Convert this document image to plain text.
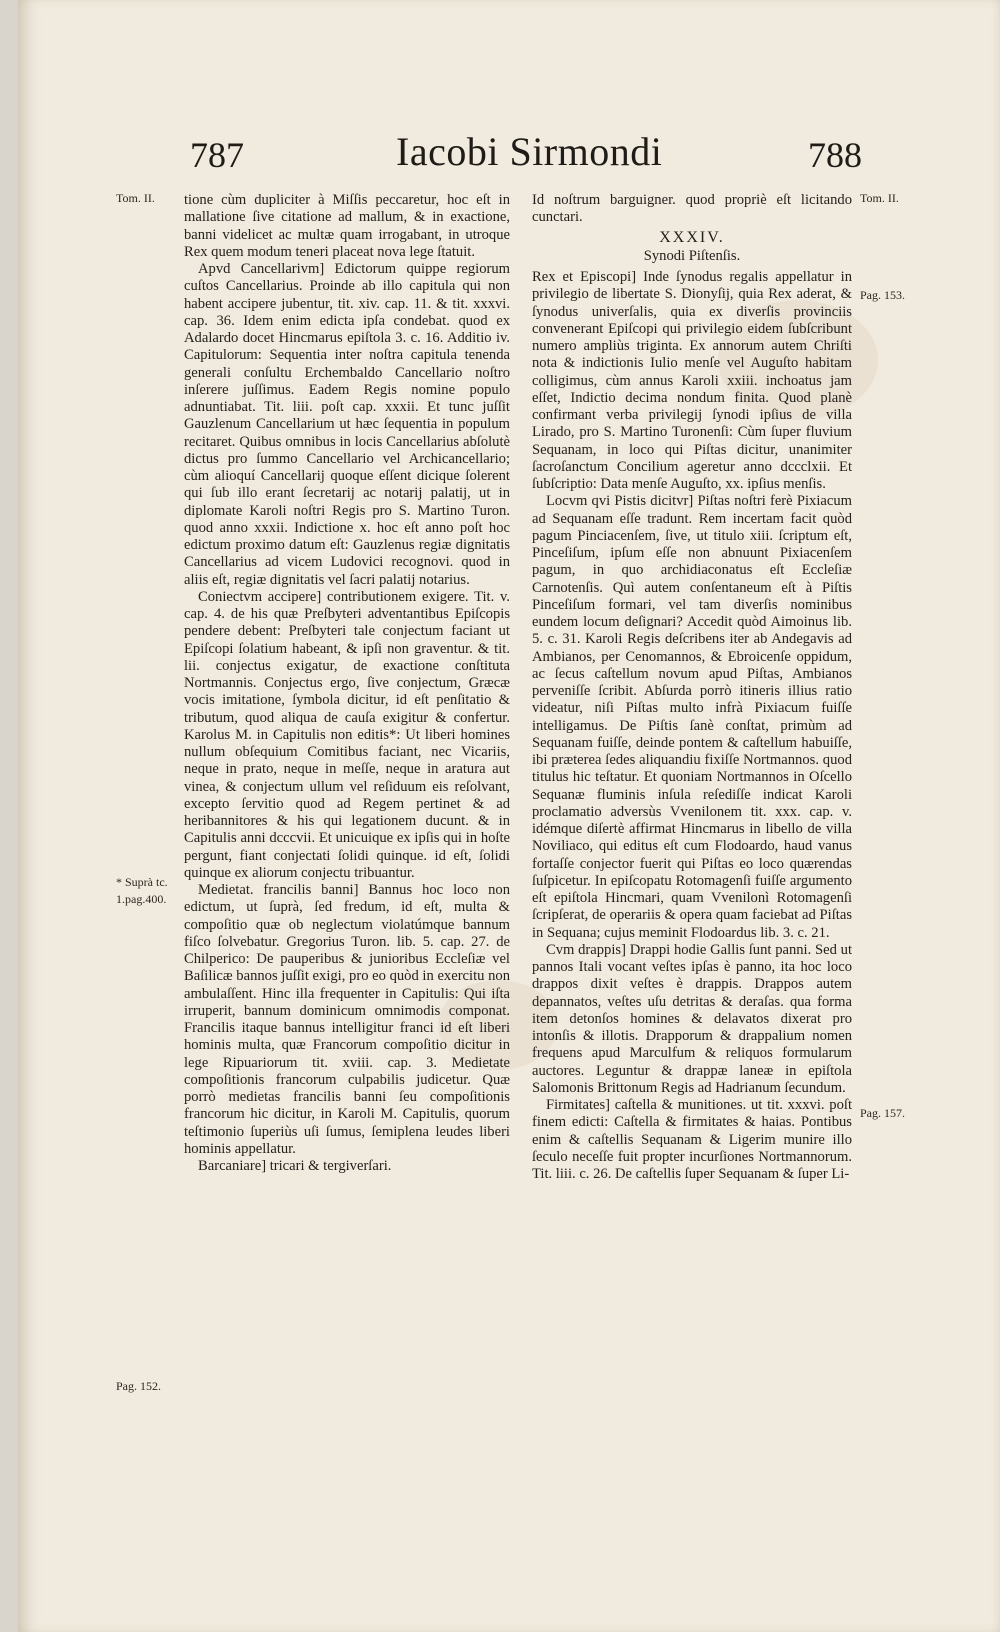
787	Iacobi Sirmondi	788
Tom. II.	Tom. II.
* Suprà tc.
1.pag.400.
Pag. 152.
Pag. 153.
Pag. 157.

tione cùm dupliciter à Miſſis peccaretur, hoc eſt in mallatione ſive citatione ad mallum, & in exactione, banni videlicet ac multæ quam irrogabant, in utroque Rex quem modum teneri placeat nova lege ſtatuit.

Apvd Cancellarivm] Edictorum quippe regiorum cuſtos Cancellarius. Proinde ab illo capitula qui non habent accipere jubentur, tit. xiv. cap. 11. & tit. xxxvi. cap. 36. Idem enim edicta ipſa condebat. quod ex Adalardo docet Hincmarus epiſtola 3. c. 16. Additio iv. Capitulorum: Sequentia inter noſtra capitula tenenda generali conſultu Erchembaldo Cancellario noſtro inſerere juſſimus. Eadem Regis nomine populo adnuntiabat. Tit. liii. poſt cap. xxxii. Et tunc juſſit Gauzlenum Cancellarium ut hæc ſequentia in populum recitaret. Quibus omnibus in locis Cancellarius abſolutè dictus pro ſummo Cancellario vel Archicancellario; cùm alioquí Cancellarij quoque eſſent dicique ſolerent qui ſub illo erant ſecretarij ac notarij palatij, ut in diplomate Karoli noſtri Regis pro S. Martino Turon. quod anno xxxii. Indictione x. hoc eſt anno poſt hoc edictum proximo datum eſt: Gauzlenus regiæ dignitatis Cancellarius ad vicem Ludovici recognovi. quod in aliis eſt, regiæ dignitatis vel ſacri palatij notarius.

Coniectvm accipere] contributionem exigere. Tit. v. cap. 4. de his quæ Preſbyteri adventantibus Epiſcopis pendere debent: Preſbyteri tale conjectum faciant ut Epiſcopi ſolatium habeant, & ipſi non graventur. & tit. lii. conjectus exigatur, de exactione conſtituta Nortmannis. Conjectus ergo, ſive conjectum, Græcæ vocis imitatione, ſymbola dicitur, id eſt penſitatio & tributum, quod aliqua de cauſa exigitur & confertur. Karolus M. in Capitulis non editis*: Ut liberi homines nullum obſequium Comitibus faciant, nec Vicariis, neque in prato, neque in meſſe, neque in aratura aut vinea, & conjectum ullum vel reſiduum eis reſolvant, excepto ſervitio quod ad Regem pertinet & ad heribannitores & his qui legationem ducunt. & in Capitulis anni dcccvii. Et unicuique ex ipſis qui in hoſte pergunt, fiant conjectati ſolidi quinque. id eſt, ſolidi quinque ex aliorum conjectu tribuantur.

Medietat. francilis banni] Bannus hoc loco non edictum, ut ſuprà, ſed fredum, id eſt, multa & compoſitio quæ ob neglectum violatúmque bannum fiſco ſolvebatur. Gregorius Turon. lib. 5. cap. 27. de Chilperico: De pauperibus & junioribus Eccleſiæ vel Baſilicæ bannos juſſit exigi, pro eo quòd in exercitu non ambulaſſent. Hinc illa frequenter in Capitulis: Qui iſta irruperit, bannum dominicum omnimodis componat. Francilis itaque bannus intelligitur franci id eſt liberi hominis multa, quæ Francorum compoſitio dicitur in lege Ripuariorum tit. xviii. cap. 3. Medietate compoſitionis francorum culpabilis judicetur. Quæ porrò medietas francilis banni ſeu compoſitionis francorum hic dicitur, in Karoli M. Capitulis, quorum teſtimonio ſuperiùs uſi ſumus, ſemiplena leudes liberi hominis appellatur.

Barcaniare] tricari & tergiverſari.

Id noſtrum barguigner. quod propriè eſt licitando cunctari.

XXXIV.

Synodi Piſtenſis.

Rex et Episcopi] Inde ſynodus regalis appellatur in privilegio de libertate S. Dionyſij, quia Rex aderat, & ſynodus univerſalis, quia ex diverſis provinciis convenerant Epiſcopi qui privilegio eidem ſubſcribunt numero ampliùs triginta. Ex annorum autem Chriſti nota & indictionis Iulio menſe vel Auguſto habitam colligimus, cùm annus Karoli xxiii. inchoatus jam eſſet, Indictio decima nondum finita. Quod planè confirmant verba privilegij ſynodi ipſius de villa Lirado, pro S. Martino Turonenſi: Cùm ſuper fluvium Sequanam, in loco qui Piſtas dicitur, unanimiter ſacroſanctum Concilium ageretur anno dccclxii. Et ſubſcriptio: Data menſe Auguſto, xx. ipſius menſis.

Locvm qvi Pistis dicitvr] Piſtas noſtri ferè Pixiacum ad Sequanam eſſe tradunt. Rem incertam facit quòd pagum Pinciacenſem, ſive, ut titulo xiii. ſcriptum eſt, Pinceſiſum, ipſum eſſe non abnuunt Pixiacenſem pagum, in quo archidiaconatus eſt Eccleſiæ Carnotenſis. Quì autem conſentaneum eſt à Piſtis Pinceſiſum formari, vel tam diverſis nominibus eundem locum deſignari? Accedit quòd Aimoinus lib. 5. c. 31. Karoli Regis deſcribens iter ab Andegavis ad Ambianos, per Cenomannos, & Ebroicenſe oppidum, ac ſecus caſtellum novum apud Piſtas, Ambianos perveniſſe ſcribit. Abſurda porrò itineris illius ratio videatur, niſi Piſtas multo infrà Pixiacum fuiſſe intelligamus. De Piſtis ſanè conſtat, primùm ad Sequanam fuiſſe, deinde pontem & caſtellum habuiſſe, ibi præterea ſedes aliquandiu fixiſſe Nortmannos. quod titulus hic teſtatur. Et quoniam Nortmannos in Oſcello Sequanæ fluminis inſula reſediſſe indicat Karoli proclamatio adversùs Vvenilonem tit. xxx. cap. v. idémque diſertè affirmat Hincmarus in libello de villa Noviliaco, qui editus eſt cum Flodoardo, haud vanus fortaſſe conjector fuerit qui Piſtas eo loco quærendas ſuſpicetur. In epiſcopatu Rotomagenſi fuiſſe argumento eſt epiſtola Hincmari, quam Vvenilonì Rotomagenſi ſcripſerat, de operariis & opera quam faciebat ad Piſtas in Sequana; cujus meminit Flodoardus lib. 3. c. 21.

Cvm drappis] Drappi hodie Gallis ſunt panni. Sed ut pannos Itali vocant veſtes ipſas è panno, ita hoc loco drappos dixit veſtes è drappis. Drappos autem depannatos, veſtes uſu detritas & deraſas. qua forma item detonſos homines & delavatos dixerat pro intonſis & illotis. Drapporum & drappalium nomen frequens apud Marculfum & reliquos formularum auctores. Leguntur & drappæ laneæ in epiſtola Salomonis Brittonum Regis ad Hadrianum ſecundum.

Firmitates] caſtella & munitiones. ut tit. xxxvi. poſt finem edicti: Caſtella & firmitates & haias. Pontibus enim & caſtellis Sequanam & Ligerim munire illo ſeculo neceſſe fuit propter incurſiones Nortmannorum. Tit. liii. c. 26. De caſtellis ſuper Sequanam & ſuper Li-
